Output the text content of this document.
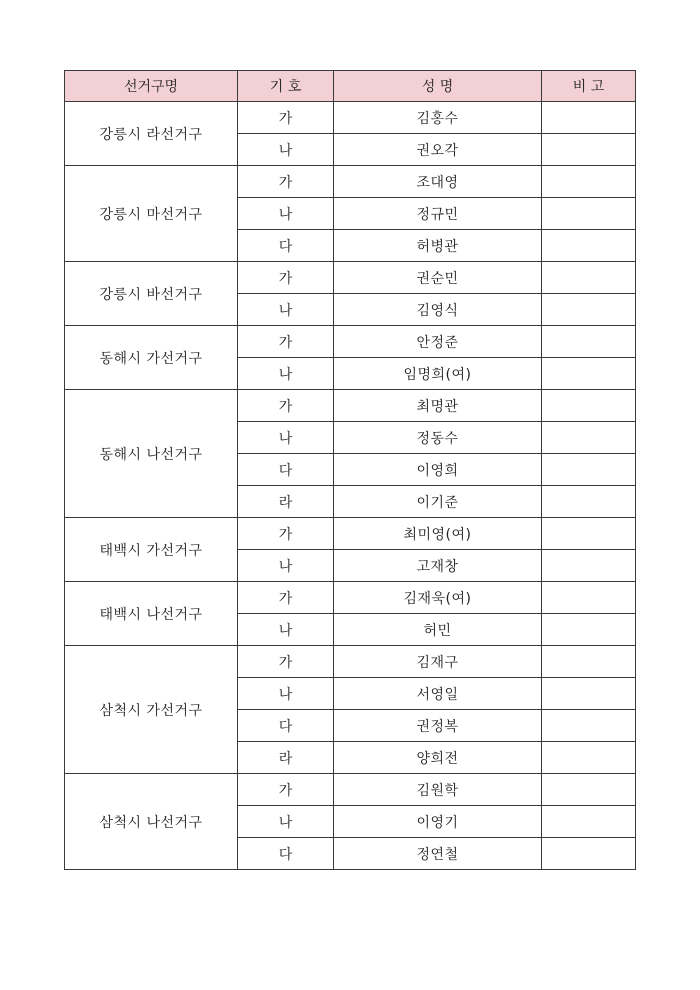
선거구명	기 호	성 명	비 고
강릉시 라선거구	가	김홍수	
	나	권오각	
강릉시 마선거구	가	조대영	
	나	정규민	
	다	허병관	
강릉시 바선거구	가	권순민	
	나	김영식	
동해시 가선거구	가	안정준	
	나	임명희(여)	
동해시 나선거구	가	최명관	
	나	정동수	
	다	이영희	
	라	이기준	
태백시 가선거구	가	최미영(여)	
	나	고재창	
태백시 나선거구	가	김재욱(여)	
	나	허민	
삼척시 가선거구	가	김재구	
	나	서영일	
	다	권정복	
	라	양희전	
삼척시 나선거구	가	김원학	
	나	이영기	
	다	정연철	
